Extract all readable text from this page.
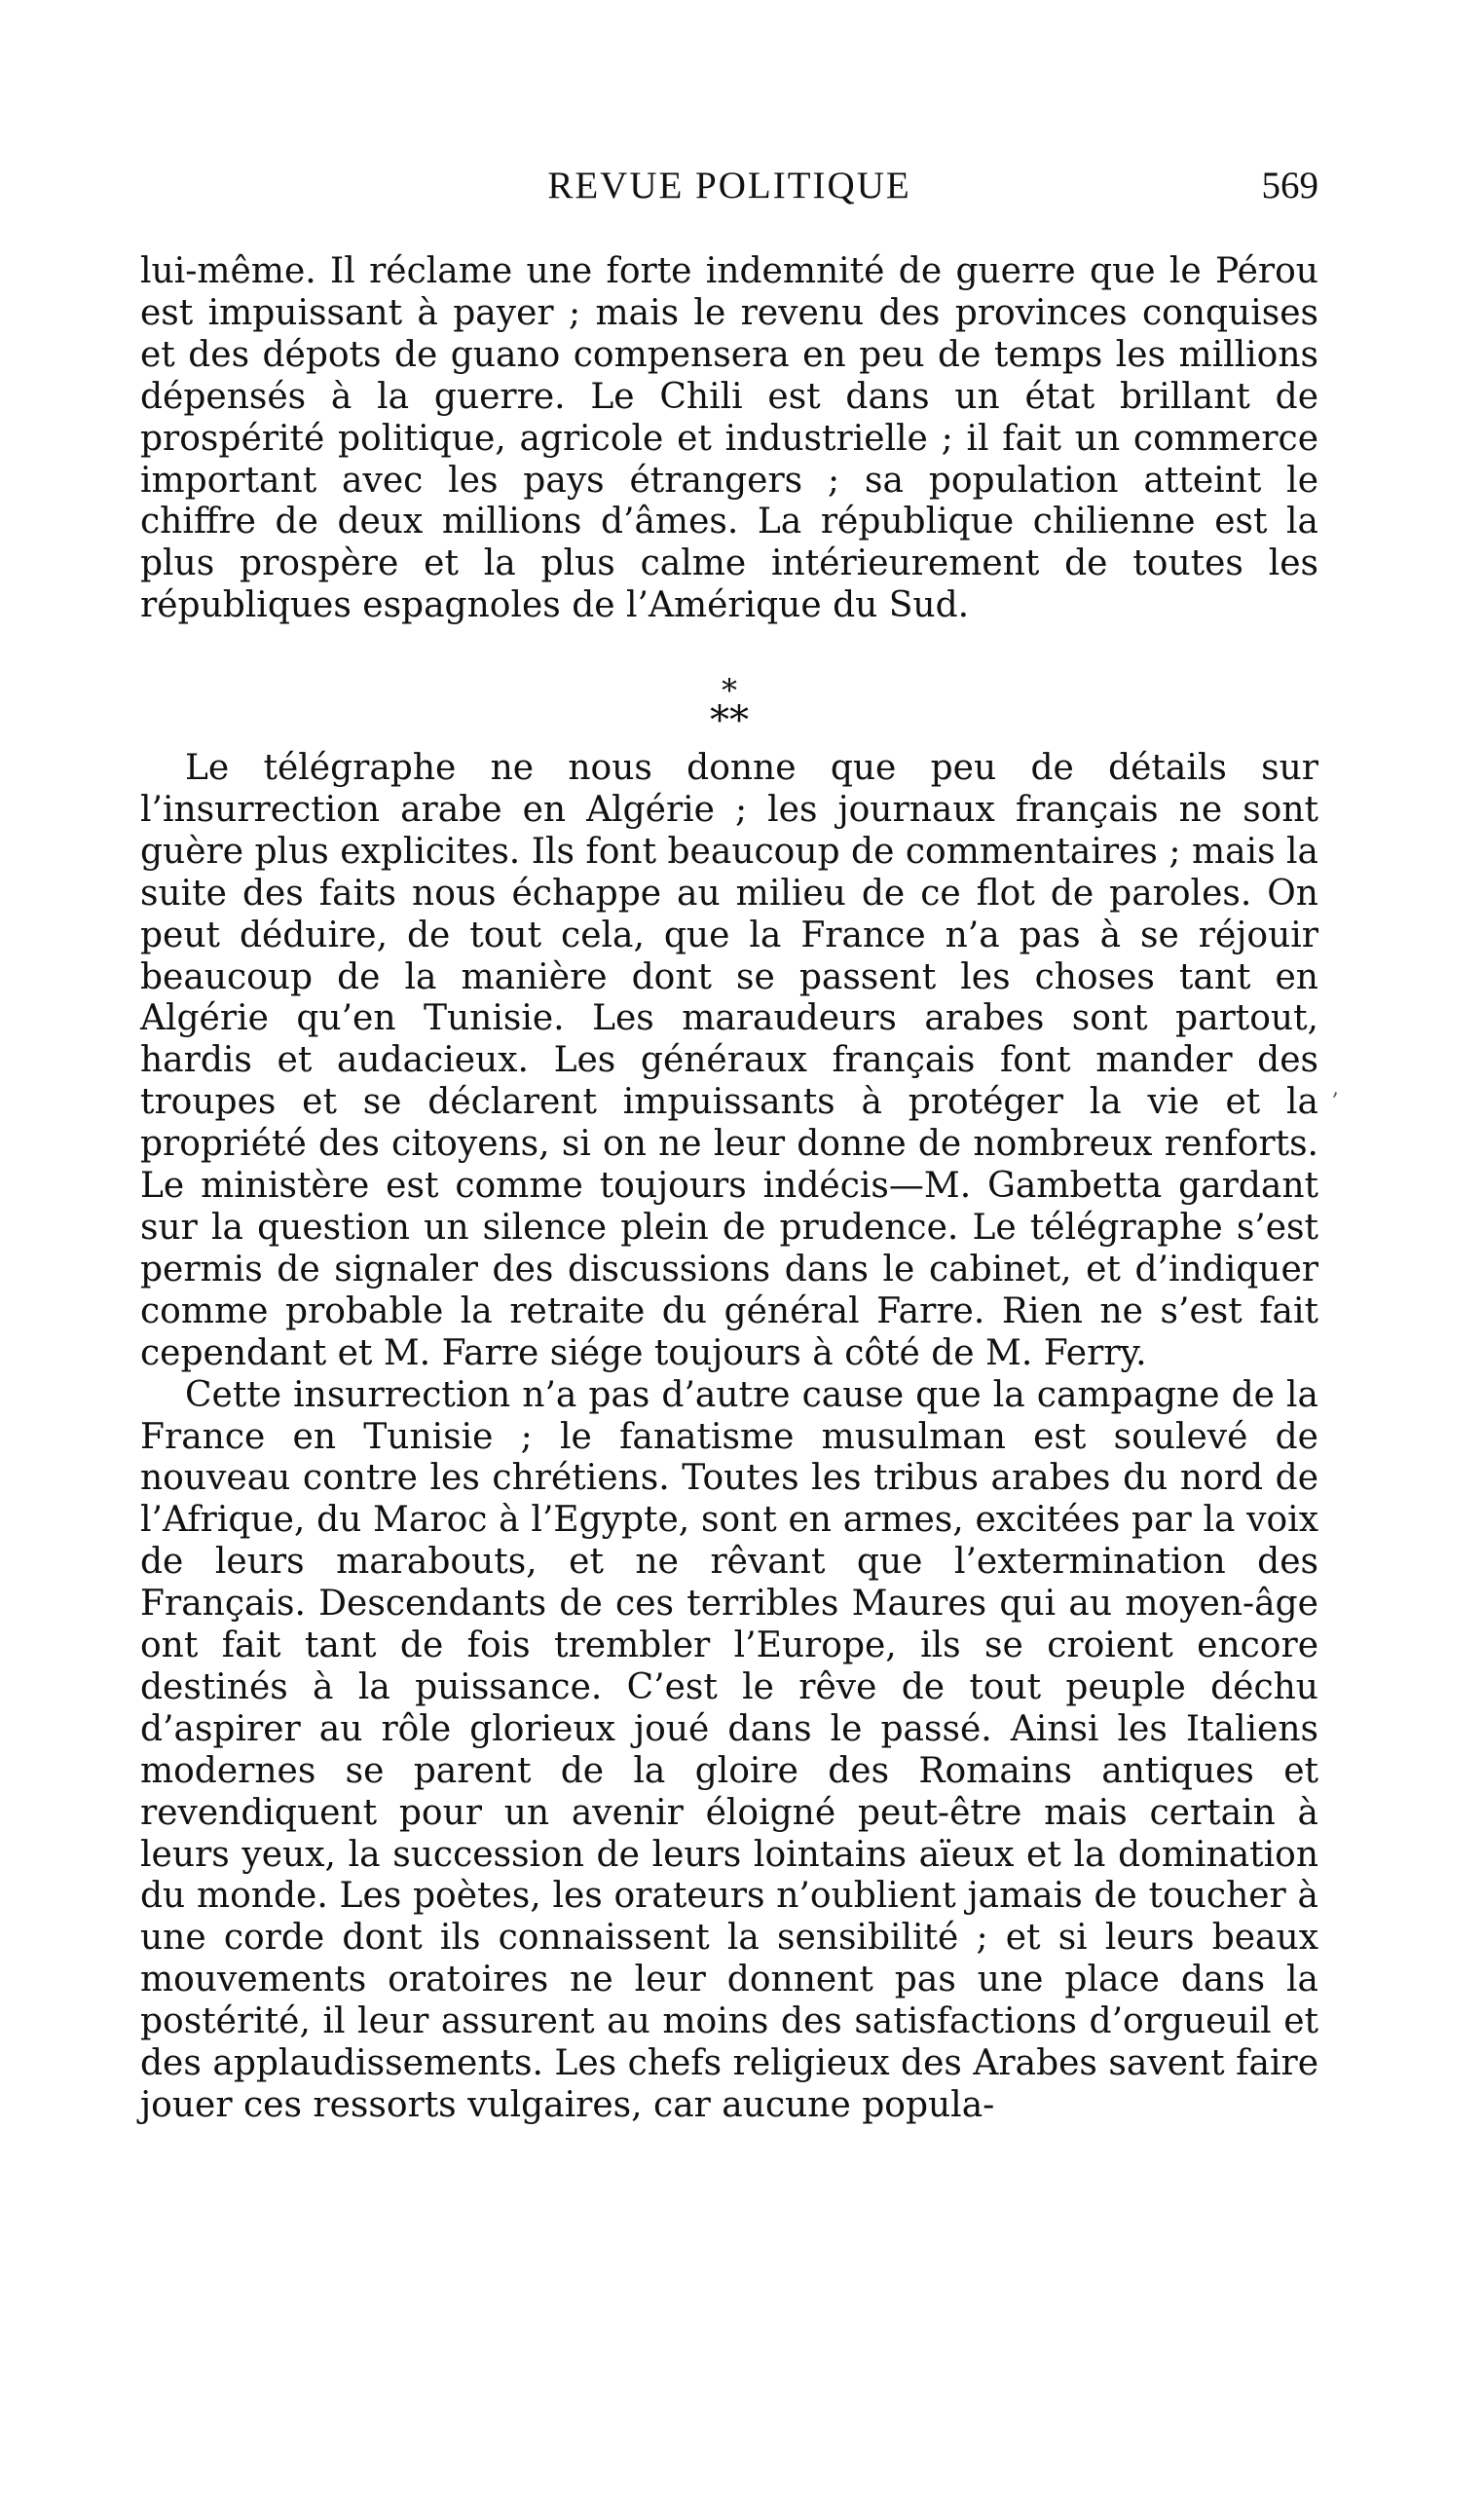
REVUE POLITIQUE	569

lui-même. Il réclame une forte indemnité de guerre que le Pérou est impuissant à payer ; mais le revenu des provinces conquises et des dépots de guano compensera en peu de temps les millions dépensés à la guerre. Le Chili est dans un état brillant de prospérité politique, agricole et industrielle ; il fait un commerce important avec les pays étrangers ; sa population atteint le chiffre de deux millions d’âmes. La république chilienne est la plus prospère et la plus calme intérieurement de toutes les républiques espagnoles de l’Amérique du Sud.

*
**

Le télégraphe ne nous donne que peu de détails sur l’insurrection arabe en Algérie ; les journaux français ne sont guère plus explicites. Ils font beaucoup de commentaires ; mais la suite des faits nous échappe au milieu de ce flot de paroles. On peut déduire, de tout cela, que la France n’a pas à se réjouir beaucoup de la manière dont se passent les choses tant en Algérie qu’en Tunisie. Les maraudeurs arabes sont partout, hardis et audacieux. Les généraux français font mander des troupes et se déclarent impuissants à protéger la vie et la propriété des citoyens, si on ne leur donne de nombreux renforts. Le ministère est comme toujours indécis—M. Gambetta gardant sur la question un silence plein de prudence. Le télégraphe s’est permis de signaler des discussions dans le cabinet, et d’indiquer comme probable la retraite du général Farre. Rien ne s’est fait cependant et M. Farre siége toujours à côté de M. Ferry.

Cette insurrection n’a pas d’autre cause que la campagne de la France en Tunisie ; le fanatisme musulman est soulevé de nouveau contre les chrétiens. Toutes les tribus arabes du nord de l’Afrique, du Maroc à l’Egypte, sont en armes, excitées par la voix de leurs marabouts, et ne rêvant que l’extermination des Français. Descendants de ces terribles Maures qui au moyen-âge ont fait tant de fois trembler l’Europe, ils se croient encore destinés à la puissance. C’est le rêve de tout peuple déchu d’aspirer au rôle glorieux joué dans le passé. Ainsi les Italiens modernes se parent de la gloire des Romains antiques et revendiquent pour un avenir éloigné peut-être mais certain à leurs yeux, la succession de leurs lointains aïeux et la domination du monde. Les poètes, les orateurs n’oublient jamais de toucher à une corde dont ils connaissent la sensibilité ; et si leurs beaux mouvements oratoires ne leur donnent pas une place dans la postérité, il leur assurent au moins des satisfactions d’orgueuil et des applaudissements. Les chefs religieux des Arabes savent faire jouer ces ressorts vulgaires, car aucune popula-

,
